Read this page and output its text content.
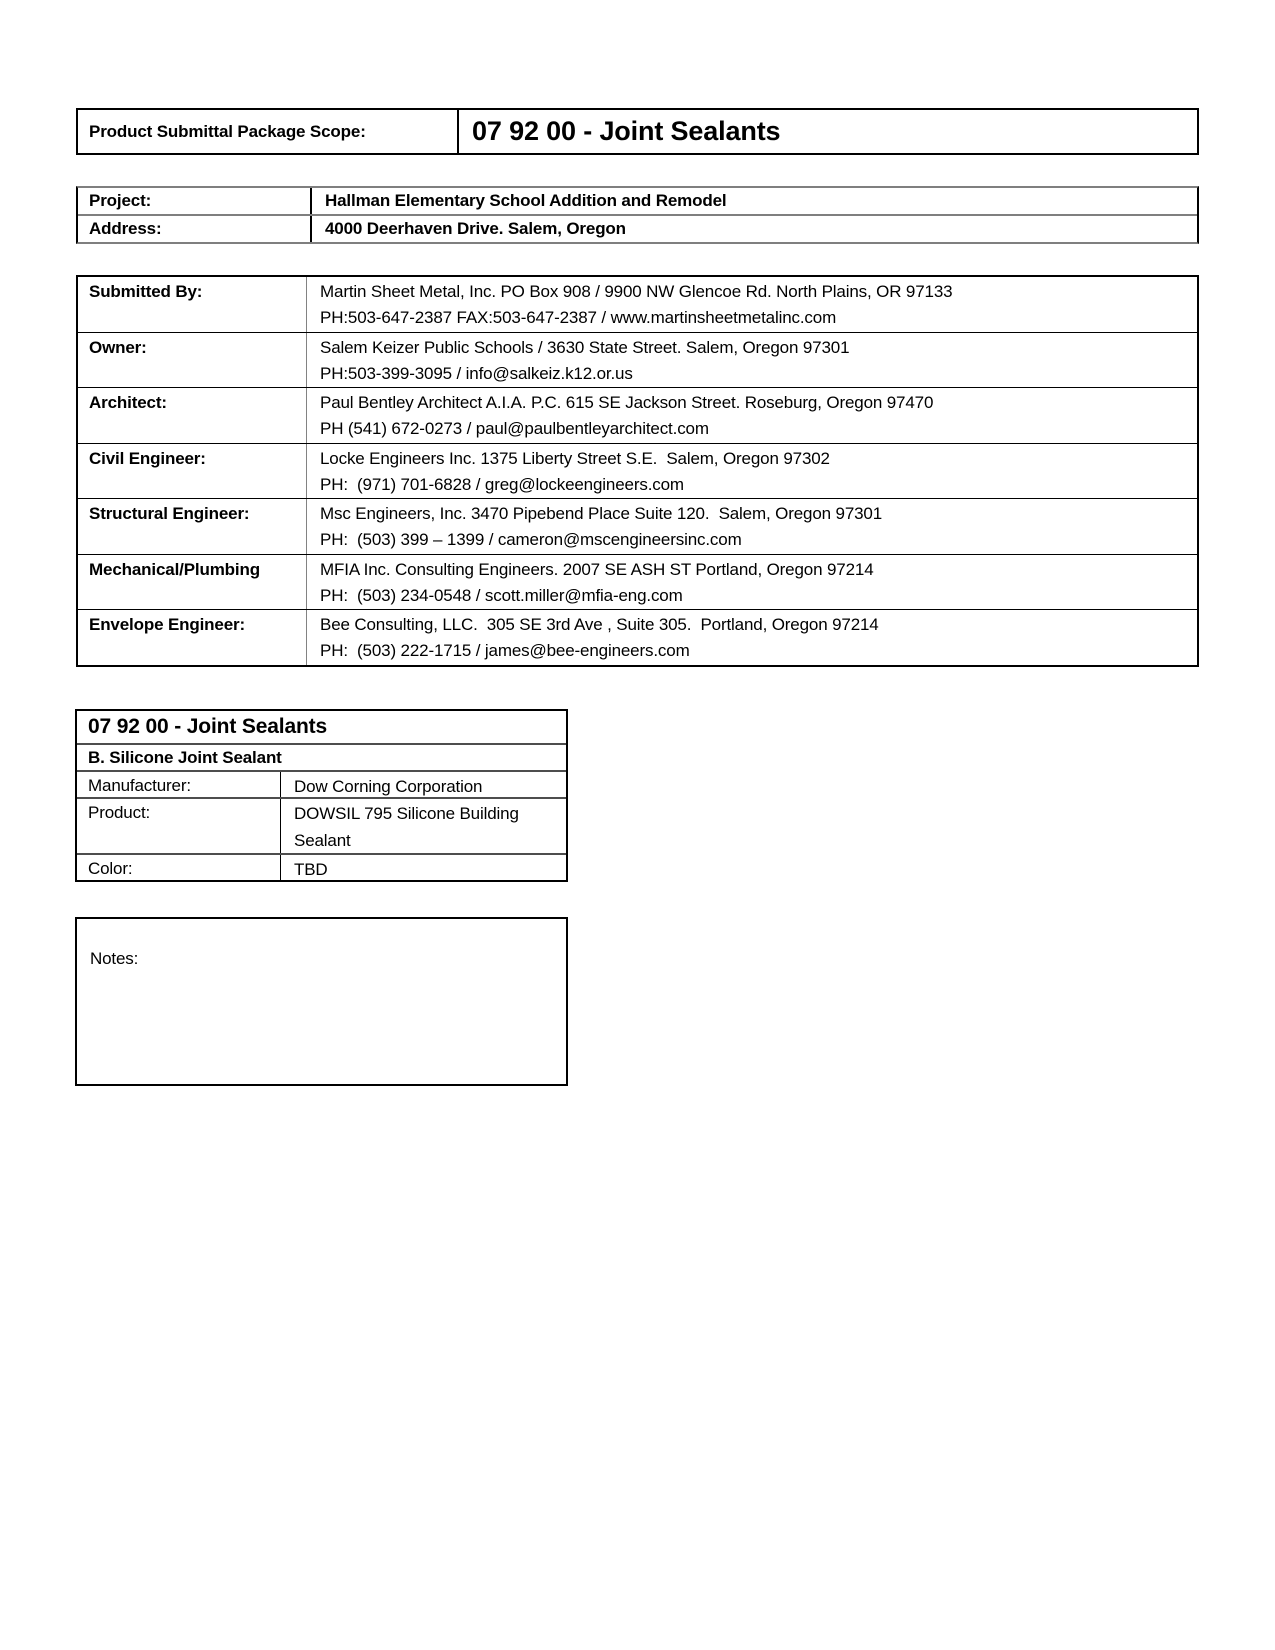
Product Submittal Package Scope:	07 92 00 - Joint Sealants
Project:	Hallman Elementary School Addition and Remodel
Address:	4000 Deerhaven Drive. Salem, Oregon
Submitted By:	Martin Sheet Metal, Inc. PO Box 908 / 9900 NW Glencoe Rd. North Plains, OR 97133
PH:503-647-2387 FAX:503-647-2387 / www.martinsheetmetalinc.com
Owner:	Salem Keizer Public Schools / 3630 State Street. Salem, Oregon 97301
PH:503-399-3095 / info@salkeiz.k12.or.us
Architect:	Paul Bentley Architect A.I.A. P.C. 615 SE Jackson Street. Roseburg, Oregon 97470
PH (541) 672-0273 / paul@paulbentleyarchitect.com
Civil Engineer:	Locke Engineers Inc. 1375 Liberty Street S.E.  Salem, Oregon 97302
PH:  (971) 701-6828 / greg@lockeengineers.com
Structural Engineer:	Msc Engineers, Inc. 3470 Pipebend Place Suite 120.  Salem, Oregon 97301
PH:  (503) 399 – 1399 / cameron@mscengineersinc.com
Mechanical/Plumbing	MFIA Inc. Consulting Engineers. 2007 SE ASH ST Portland, Oregon 97214
PH:  (503) 234-0548 / scott.miller@mfia-eng.com
Envelope Engineer:	Bee Consulting, LLC.  305 SE 3rd Ave , Suite 305.  Portland, Oregon 97214
PH:  (503) 222-1715 / james@bee-engineers.com
07 92 00 - Joint Sealants
B. Silicone Joint Sealant
Manufacturer:	Dow Corning Corporation
Product:	DOWSIL 795 Silicone Building Sealant
Color:	TBD
Notes:
